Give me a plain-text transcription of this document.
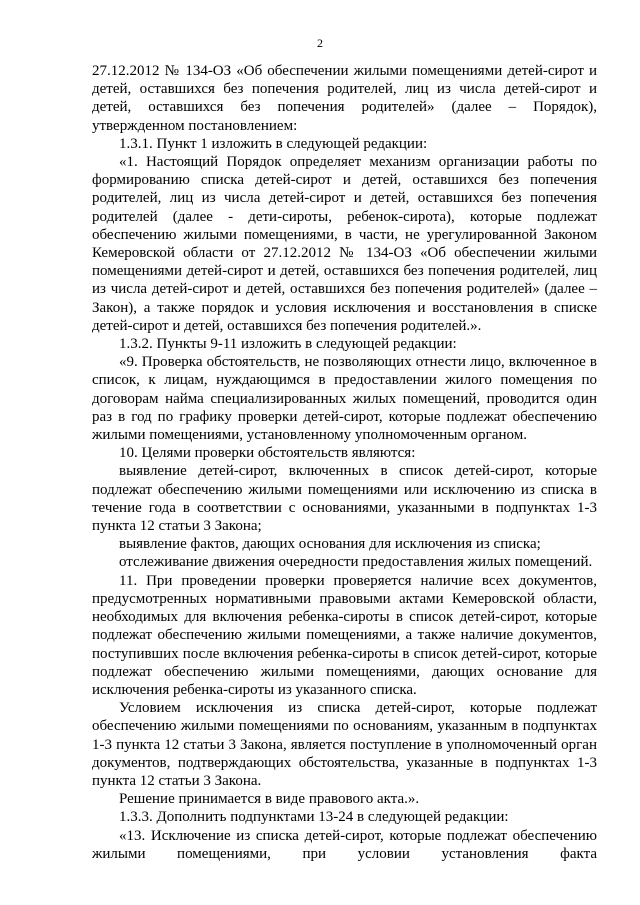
2

27.12.2012 № 134-ОЗ «Об обеспечении жилыми помещениями детей-сирот и детей, оставшихся без попечения родителей, лиц из числа детей-сирот и детей, оставшихся без попечения родителей» (далее – Порядок), утвержденном постановлением:

1.3.1. Пункт 1 изложить в следующей редакции:

«1. Настоящий Порядок определяет механизм организации работы по формированию списка детей-сирот и детей, оставшихся без попечения родителей, лиц из числа детей-сирот и детей, оставшихся без попечения родителей (далее - дети-сироты, ребенок-сирота), которые подлежат обеспечению жилыми помещениями, в части, не урегулированной Законом Кемеровской области от 27.12.2012 № 134-ОЗ «Об обеспечении жилыми помещениями детей-сирот и детей, оставшихся без попечения родителей, лиц из числа детей-сирот и детей, оставшихся без попечения родителей» (далее – Закон), а также порядок и условия исключения и восстановления в списке детей-сирот и детей, оставшихся без попечения родителей.».

1.3.2. Пункты 9-11 изложить в следующей редакции:

«9. Проверка обстоятельств, не позволяющих отнести лицо, включенное в список, к лицам, нуждающимся в предоставлении жилого помещения по договорам найма специализированных жилых помещений, проводится один раз в год по графику проверки детей-сирот, которые подлежат обеспечению жилыми помещениями, установленному уполномоченным органом.

10. Целями проверки обстоятельств являются:

выявление детей-сирот, включенных в список детей-сирот, которые подлежат обеспечению жилыми помещениями или исключению из списка в течение года в соответствии с основаниями, указанными в подпунктах 1-3 пункта 12 статьи 3 Закона;

выявление фактов, дающих основания для исключения из списка;

отслеживание движения очередности предоставления жилых помещений.

11. При проведении проверки проверяется наличие всех документов, предусмотренных нормативными правовыми актами Кемеровской области, необходимых для включения ребенка-сироты в список детей-сирот, которые подлежат обеспечению жилыми помещениями, а также наличие документов, поступивших после включения ребенка-сироты в список детей-сирот, которые подлежат обеспечению жилыми помещениями, дающих основание для исключения ребенка-сироты из указанного списка.

Условием исключения из списка детей-сирот, которые подлежат обеспечению жилыми помещениями по основаниям, указанным в подпунктах 1-3 пункта 12 статьи 3 Закона, является поступление в уполномоченный орган документов, подтверждающих обстоятельства, указанные в подпунктах 1-3 пункта 12 статьи 3 Закона.

Решение принимается в виде правового акта.».

1.3.3. Дополнить подпунктами 13-24 в следующей редакции:

«13. Исключение из списка детей-сирот, которые подлежат обеспечению жилыми помещениями, при условии установления факта
